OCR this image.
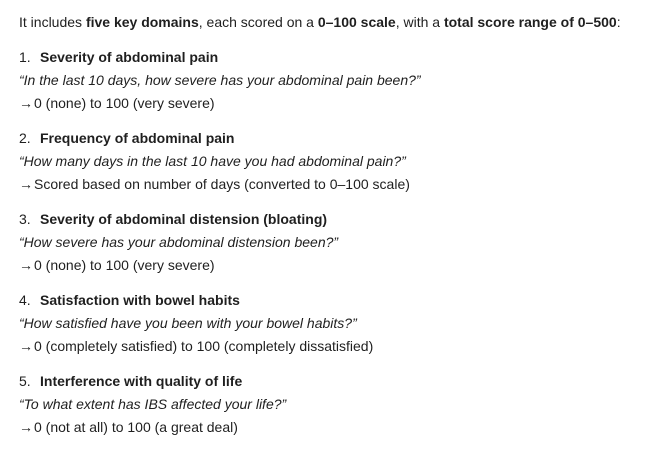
It includes five key domains, each scored on a 0–100 scale, with a total score range of 0–500:

1. Severity of abdominal pain

“In the last 10 days, how severe has your abdominal pain been?”

→0 (none) to 100 (very severe)

2. Frequency of abdominal pain

“How many days in the last 10 have you had abdominal pain?”

→Scored based on number of days (converted to 0–100 scale)

3. Severity of abdominal distension (bloating)

“How severe has your abdominal distension been?”

→0 (none) to 100 (very severe)

4. Satisfaction with bowel habits

“How satisfied have you been with your bowel habits?”

→0 (completely satisfied) to 100 (completely dissatisfied)

5. Interference with quality of life

“To what extent has IBS affected your life?”

→0 (not at all) to 100 (a great deal)
